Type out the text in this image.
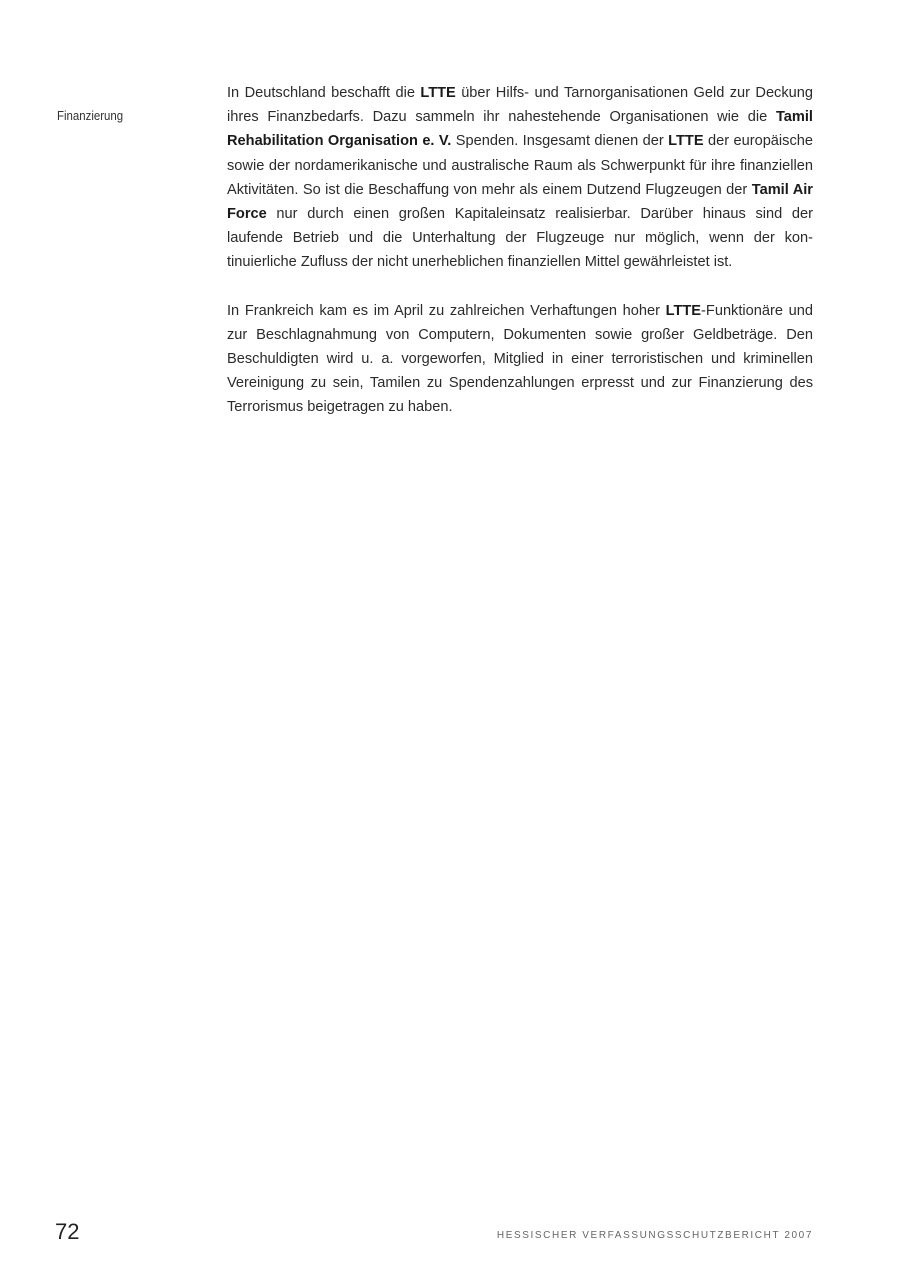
Finanzierung

In Deutschland beschafft die LTTE über Hilfs- und Tarnorganisationen Geld zur Deckung ihres Finanzbedarfs. Dazu sammeln ihr nahestehende Organisationen wie die Tamil Rehabilitation Organisation e. V. Spenden. Insgesamt dienen der LTTE der europäische sowie der nordamerikanische und australische Raum als Schwerpunkt für ihre finanziellen Aktivitäten. So ist die Beschaffung von mehr als einem Dutzend Flugzeugen der Tamil Air Force nur durch einen großen Kapitaleinsatz realisierbar. Darüber hinaus sind der laufende Betrieb und die Unterhaltung der Flugzeuge nur möglich, wenn der kontinuierliche Zufluss der nicht unerheblichen finanziellen Mittel gewährleistet ist.

In Frankreich kam es im April zu zahlreichen Verhaftungen hoher LTTE-Funktionäre und zur Beschlagnahmung von Computern, Dokumenten sowie großer Geldbeträge. Den Beschuldigten wird u. a. vorgeworfen, Mitglied in einer terroristischen und kriminellen Vereinigung zu sein, Tamilen zu Spendenzahlungen erpresst und zur Finanzierung des Terrorismus beigetragen zu haben.

72	HESSISCHER VERFASSUNGSSCHUTZBERICHT 2007
